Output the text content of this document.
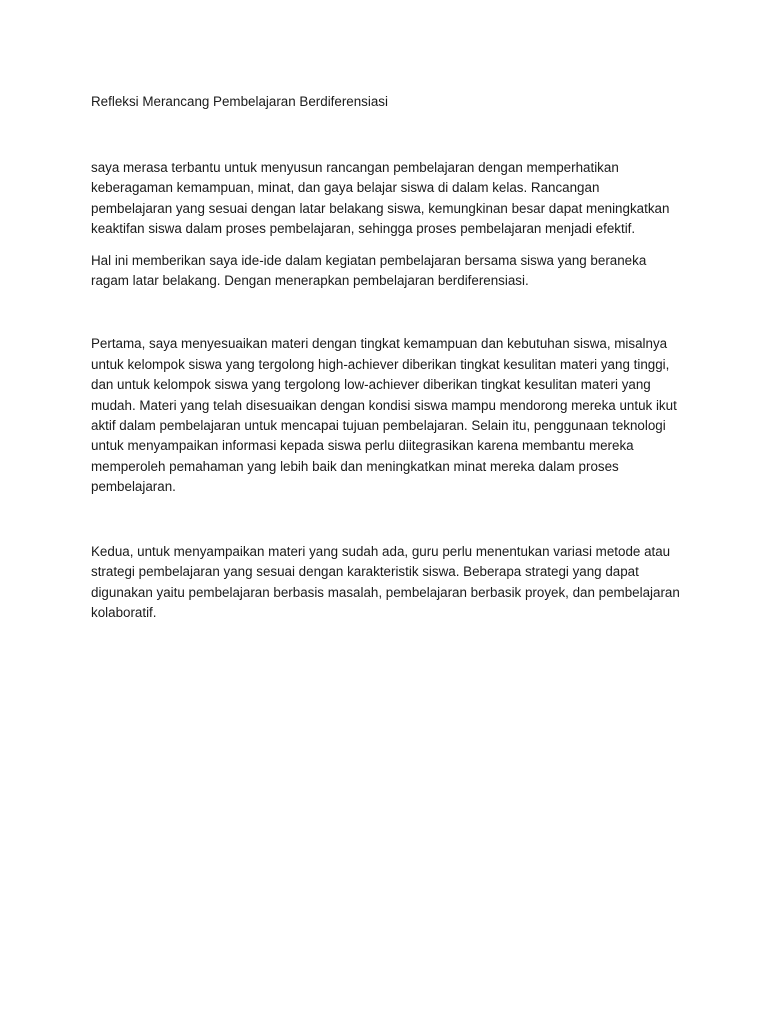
Refleksi Merancang Pembelajaran Berdiferensiasi

saya merasa terbantu untuk menyusun rancangan pembelajaran dengan memperhatikan keberagaman kemampuan, minat, dan gaya belajar siswa di dalam kelas. Rancangan pembelajaran yang sesuai dengan latar belakang siswa, kemungkinan besar dapat meningkatkan keaktifan siswa dalam proses pembelajaran, sehingga proses pembelajaran menjadi efektif.

Hal ini memberikan saya ide-ide dalam kegiatan pembelajaran bersama siswa yang beraneka ragam latar belakang. Dengan menerapkan pembelajaran berdiferensiasi.

Pertama, saya menyesuaikan materi dengan tingkat kemampuan dan kebutuhan siswa, misalnya untuk kelompok siswa yang tergolong high-achiever diberikan tingkat kesulitan materi yang tinggi, dan untuk kelompok siswa yang tergolong low-achiever diberikan tingkat kesulitan materi yang mudah. Materi yang telah disesuaikan dengan kondisi siswa mampu mendorong mereka untuk ikut aktif dalam pembelajaran untuk mencapai tujuan pembelajaran. Selain itu, penggunaan teknologi untuk menyampaikan informasi kepada siswa perlu diitegrasikan karena membantu mereka memperoleh pemahaman yang lebih baik dan meningkatkan minat mereka dalam proses pembelajaran.

Kedua, untuk menyampaikan materi yang sudah ada, guru perlu menentukan variasi metode atau strategi pembelajaran yang sesuai dengan karakteristik siswa. Beberapa strategi yang dapat digunakan yaitu pembelajaran berbasis masalah, pembelajaran berbasik proyek, dan pembelajaran kolaboratif.
